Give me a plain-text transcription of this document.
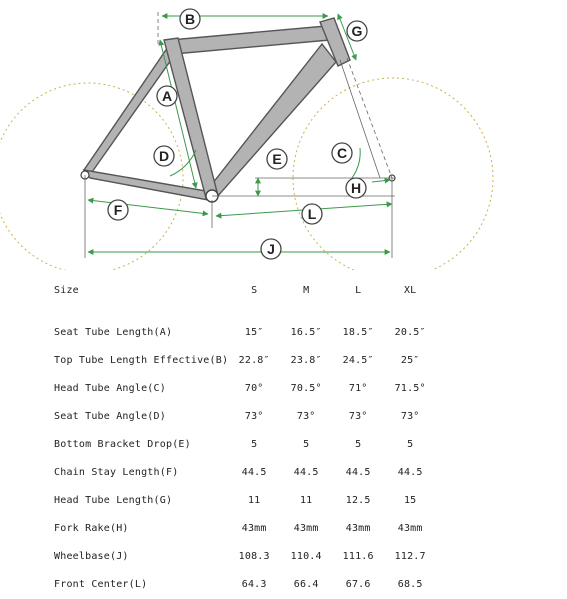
B
G
A
D	E	C
H
F	L
J
Size	S	M	L	XL

Seat Tube Length(A)	15″	16.5″	18.5″	20.5″
Top Tube Length Effective(B)	22.8″	23.8″	24.5″	25″
Head Tube Angle(C)	70°	70.5°	71°	71.5°
Seat Tube Angle(D)	73°	73°	73°	73°
Bottom Bracket Drop(E)	5	5	5	5
Chain Stay Length(F)	44.5	44.5	44.5	44.5
Head Tube Length(G)	11	11	12.5	15
Fork Rake(H)	43mm	43mm	43mm	43mm
Wheelbase(J)	108.3	110.4	111.6	112.7
Front Center(L)	64.3	66.4	67.6	68.5
